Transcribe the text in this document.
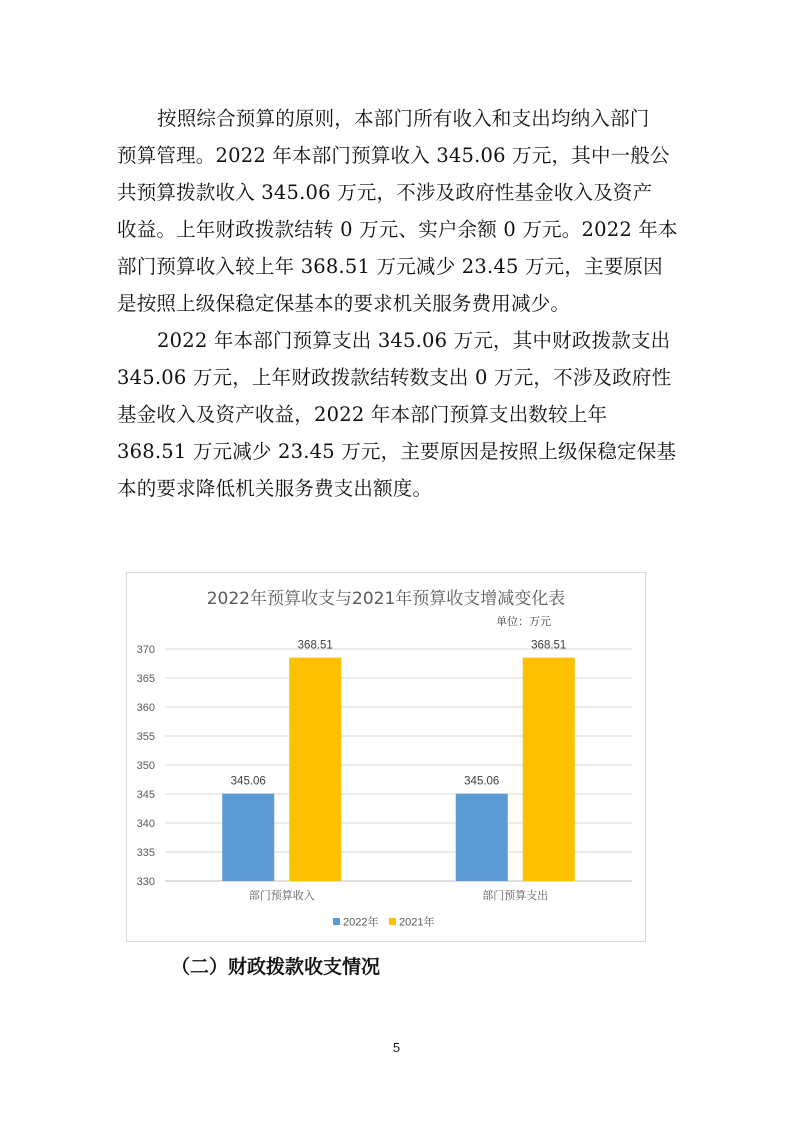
按照综合预算的原则，本部门所有收入和支出均纳入部门
预算管理。2022 年本部门预算收入 345.06 万元，其中一般公
共预算拨款收入 345.06 万元，不涉及政府性基金收入及资产
收益。上年财政拨款结转 0 万元、实户余额 0 万元。2022 年本
部门预算收入较上年 368.51 万元减少 23.45 万元，主要原因
是按照上级保稳定保基本的要求机关服务费用减少。
2022 年本部门预算支出 345.06 万元，其中财政拨款支出
345.06 万元，上年财政拨款结转数支出 0 万元，不涉及政府性
基金收入及资产收益，2022 年本部门预算支出数较上年
368.51 万元减少 23.45 万元，主要原因是按照上级保稳定保基
本的要求降低机关服务费支出额度。
2022年预算收支与2021年预算收支增减变化表
单位：万元
330
335
340
345
350
355
360
365
370
345.06
368.51
345.06
368.51
部门预算收入	部门预算支出
2022年 2021年
（二）财政拨款收支情况
5
